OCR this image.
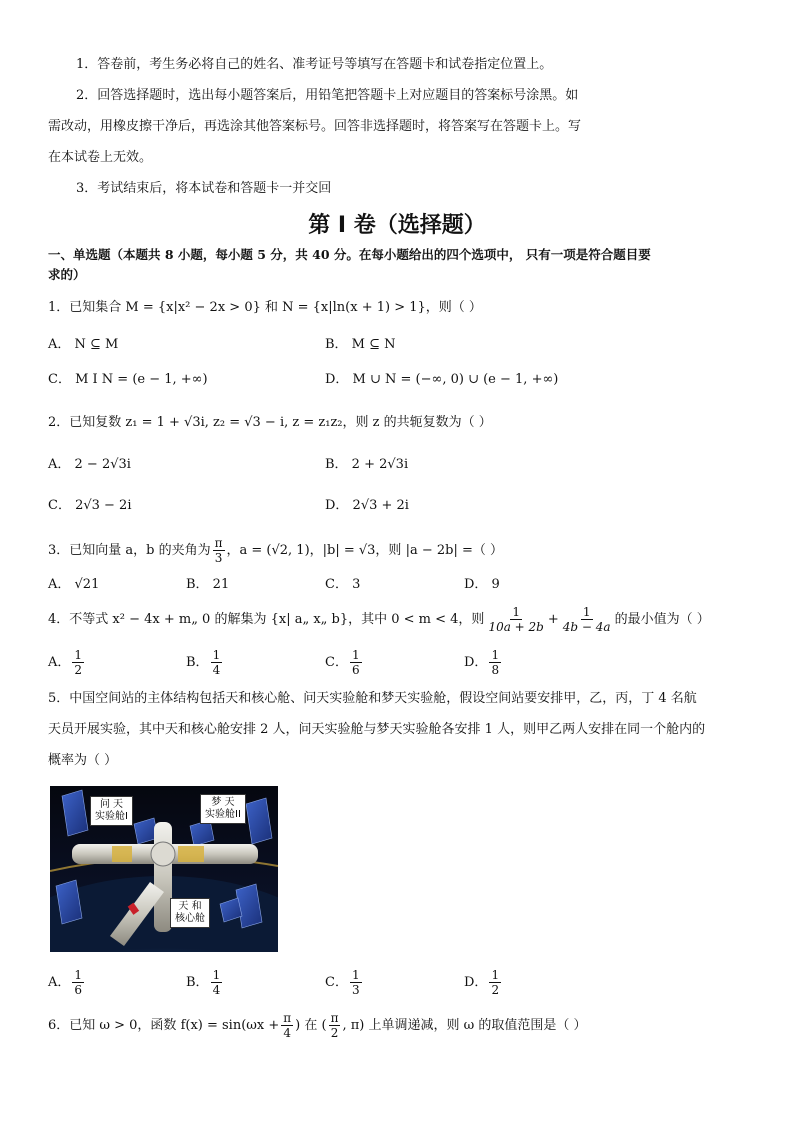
1．答卷前，考生务必将自己的姓名、准考证号等填写在答题卡和试卷指定位置上。
2．回答选择题时，选出每小题答案后，用铅笔把答题卡上对应题目的答案标号涂黑。如
需改动，用橡皮擦干净后，再选涂其他答案标号。回答非选择题时，将答案写在答题卡上。写
在本试卷上无效。
3．考试结束后，将本试卷和答题卡一并交回
第 I 卷（选择题）
一、单选题（本题共 8 小题，每小题 5 分，共 40 分。在每小题给出的四个选项中， 只有一项是符合题目要
求的）
1．已知集合 M = {x|x² − 2x > 0} 和 N = {x|ln(x + 1) > 1}，则（ ）
A． N ⊆ M	B． M ⊆ N
C． M I N = (e − 1, +∞)	D． M ∪ N = (−∞, 0) ∪ (e − 1, +∞)
2．已知复数 z₁ = 1 + √3i, z₂ = √3 − i, z = z₁z₂，则 z 的共轭复数为（ ）
A． 2 − 2√3i	B． 2 + 2√3i
C． 2√3 − 2i	D． 2√3 + 2i
3．已知向量 a，b 的夹角为 $\frac{\pi}{3}$ ，a = (√2, 1)，|b| = √3，则 |a − 2b| =（ ）
A． √21	B． 21	C． 3	D． 9
4．不等式 x² − 4x + m„ 0 的解集为 {x| a„ x„ b}，其中 0 < m < 4，则 $\frac{1}{10a + 2b} + \frac{1}{4b - 4a}$ 的最小值为（ ）
A． $\frac{1}{2}$	B． $\frac{1}{4}$	C． $\frac{1}{6}$	D． $\frac{1}{8}$
5．中国空间站的主体结构包括天和核心舱、问天实验舱和梦天实验舱，假设空间站要安排甲，乙，丙，丁 4 名航
天员开展实验，其中天和核心舱安排 2 人，问天实验舱与梦天实验舱各安排 1 人，则甲乙两人安排在同一个舱内的
概率为（ ）
问 天
实验舱I
梦 天
实验舱II
天 和
核心舱
A． $\frac{1}{6}$	B． $\frac{1}{4}$	C． $\frac{1}{3}$	D． $\frac{1}{2}$
6．已知 ω > 0，函数 $f(x) = \sin(\omega x + \frac{\pi}{4}$ ) 在 ( $\frac{\pi}{2}$ , π) 上单调递减，则 ω 的取值范围是（ ）
